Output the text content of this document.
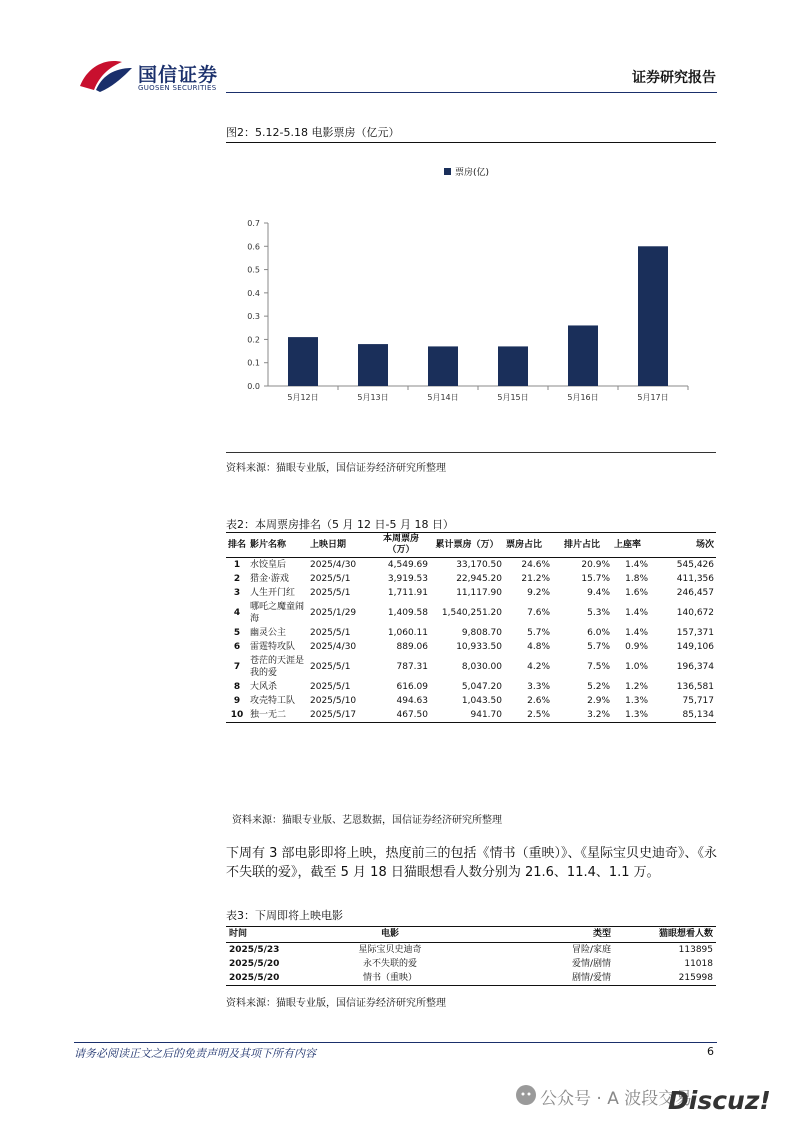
国信证券
GUOSEN SECURITIES
证券研究报告
图2：5.12-5.18 电影票房（亿元）
票房(亿)
0.0
0.1
0.2
0.3
0.4
0.5
0.6
0.7
5月12日	5月13日	5月14日	5月15日	5月16日	5月17日
资料来源：猫眼专业版，国信证券经济研究所整理
表2：本周票房排名（5 月 12 日-5 月 18 日）
排名	影片名称	上映日期	本周票房（万）	累计票房（万）	票房占比	排片占比	上座率	场次
1	水饺皇后	2025/4/30	4,549.69	33,170.50	24.6%	20.9%	1.4%	545,426
2	猎金·游戏	2025/5/1	3,919.53	22,945.20	21.2%	15.7%	1.8%	411,356
3	人生开门红	2025/5/1	1,711.91	11,117.90	9.2%	9.4%	1.6%	246,457
4	哪吒之魔童闹海	2025/1/29	1,409.58	1,540,251.20	7.6%	5.3%	1.4%	140,672
5	幽灵公主	2025/5/1	1,060.11	9,808.70	5.7%	6.0%	1.4%	157,371
6	雷霆特攻队	2025/4/30	889.06	10,933.50	4.8%	5.7%	0.9%	149,106
7	苍茫的天涯是我的爱	2025/5/1	787.31	8,030.00	4.2%	7.5%	1.0%	196,374
8	大风杀	2025/5/1	616.09	5,047.20	3.3%	5.2%	1.2%	136,581
9	攻壳特工队	2025/5/10	494.63	1,043.50	2.6%	2.9%	1.3%	75,717
10	独一无二	2025/5/17	467.50	941.70	2.5%	3.2%	1.3%	85,134
资料来源：猫眼专业版、艺恩数据，国信证券经济研究所整理
下周有 3 部电影即将上映，热度前三的包括《情书（重映）》、《星际宝贝史迪奇》、《永不失联的爱》，截至 5 月 18 日猫眼想看人数分别为 21.6、11.4、1.1 万。
表3：下周即将上映电影
时间	电影	类型	猫眼想看人数
2025/5/23	星际宝贝史迪奇	冒险/家庭	113895
2025/5/20	永不失联的爱	爱情/剧情	11018
2025/5/20	情书（重映）	剧情/爱情	215998
资料来源：猫眼专业版，国信证券经济研究所整理
请务必阅读正文之后的免责声明及其项下所有内容	6
公众号 · A 波段交易
Discuz!
